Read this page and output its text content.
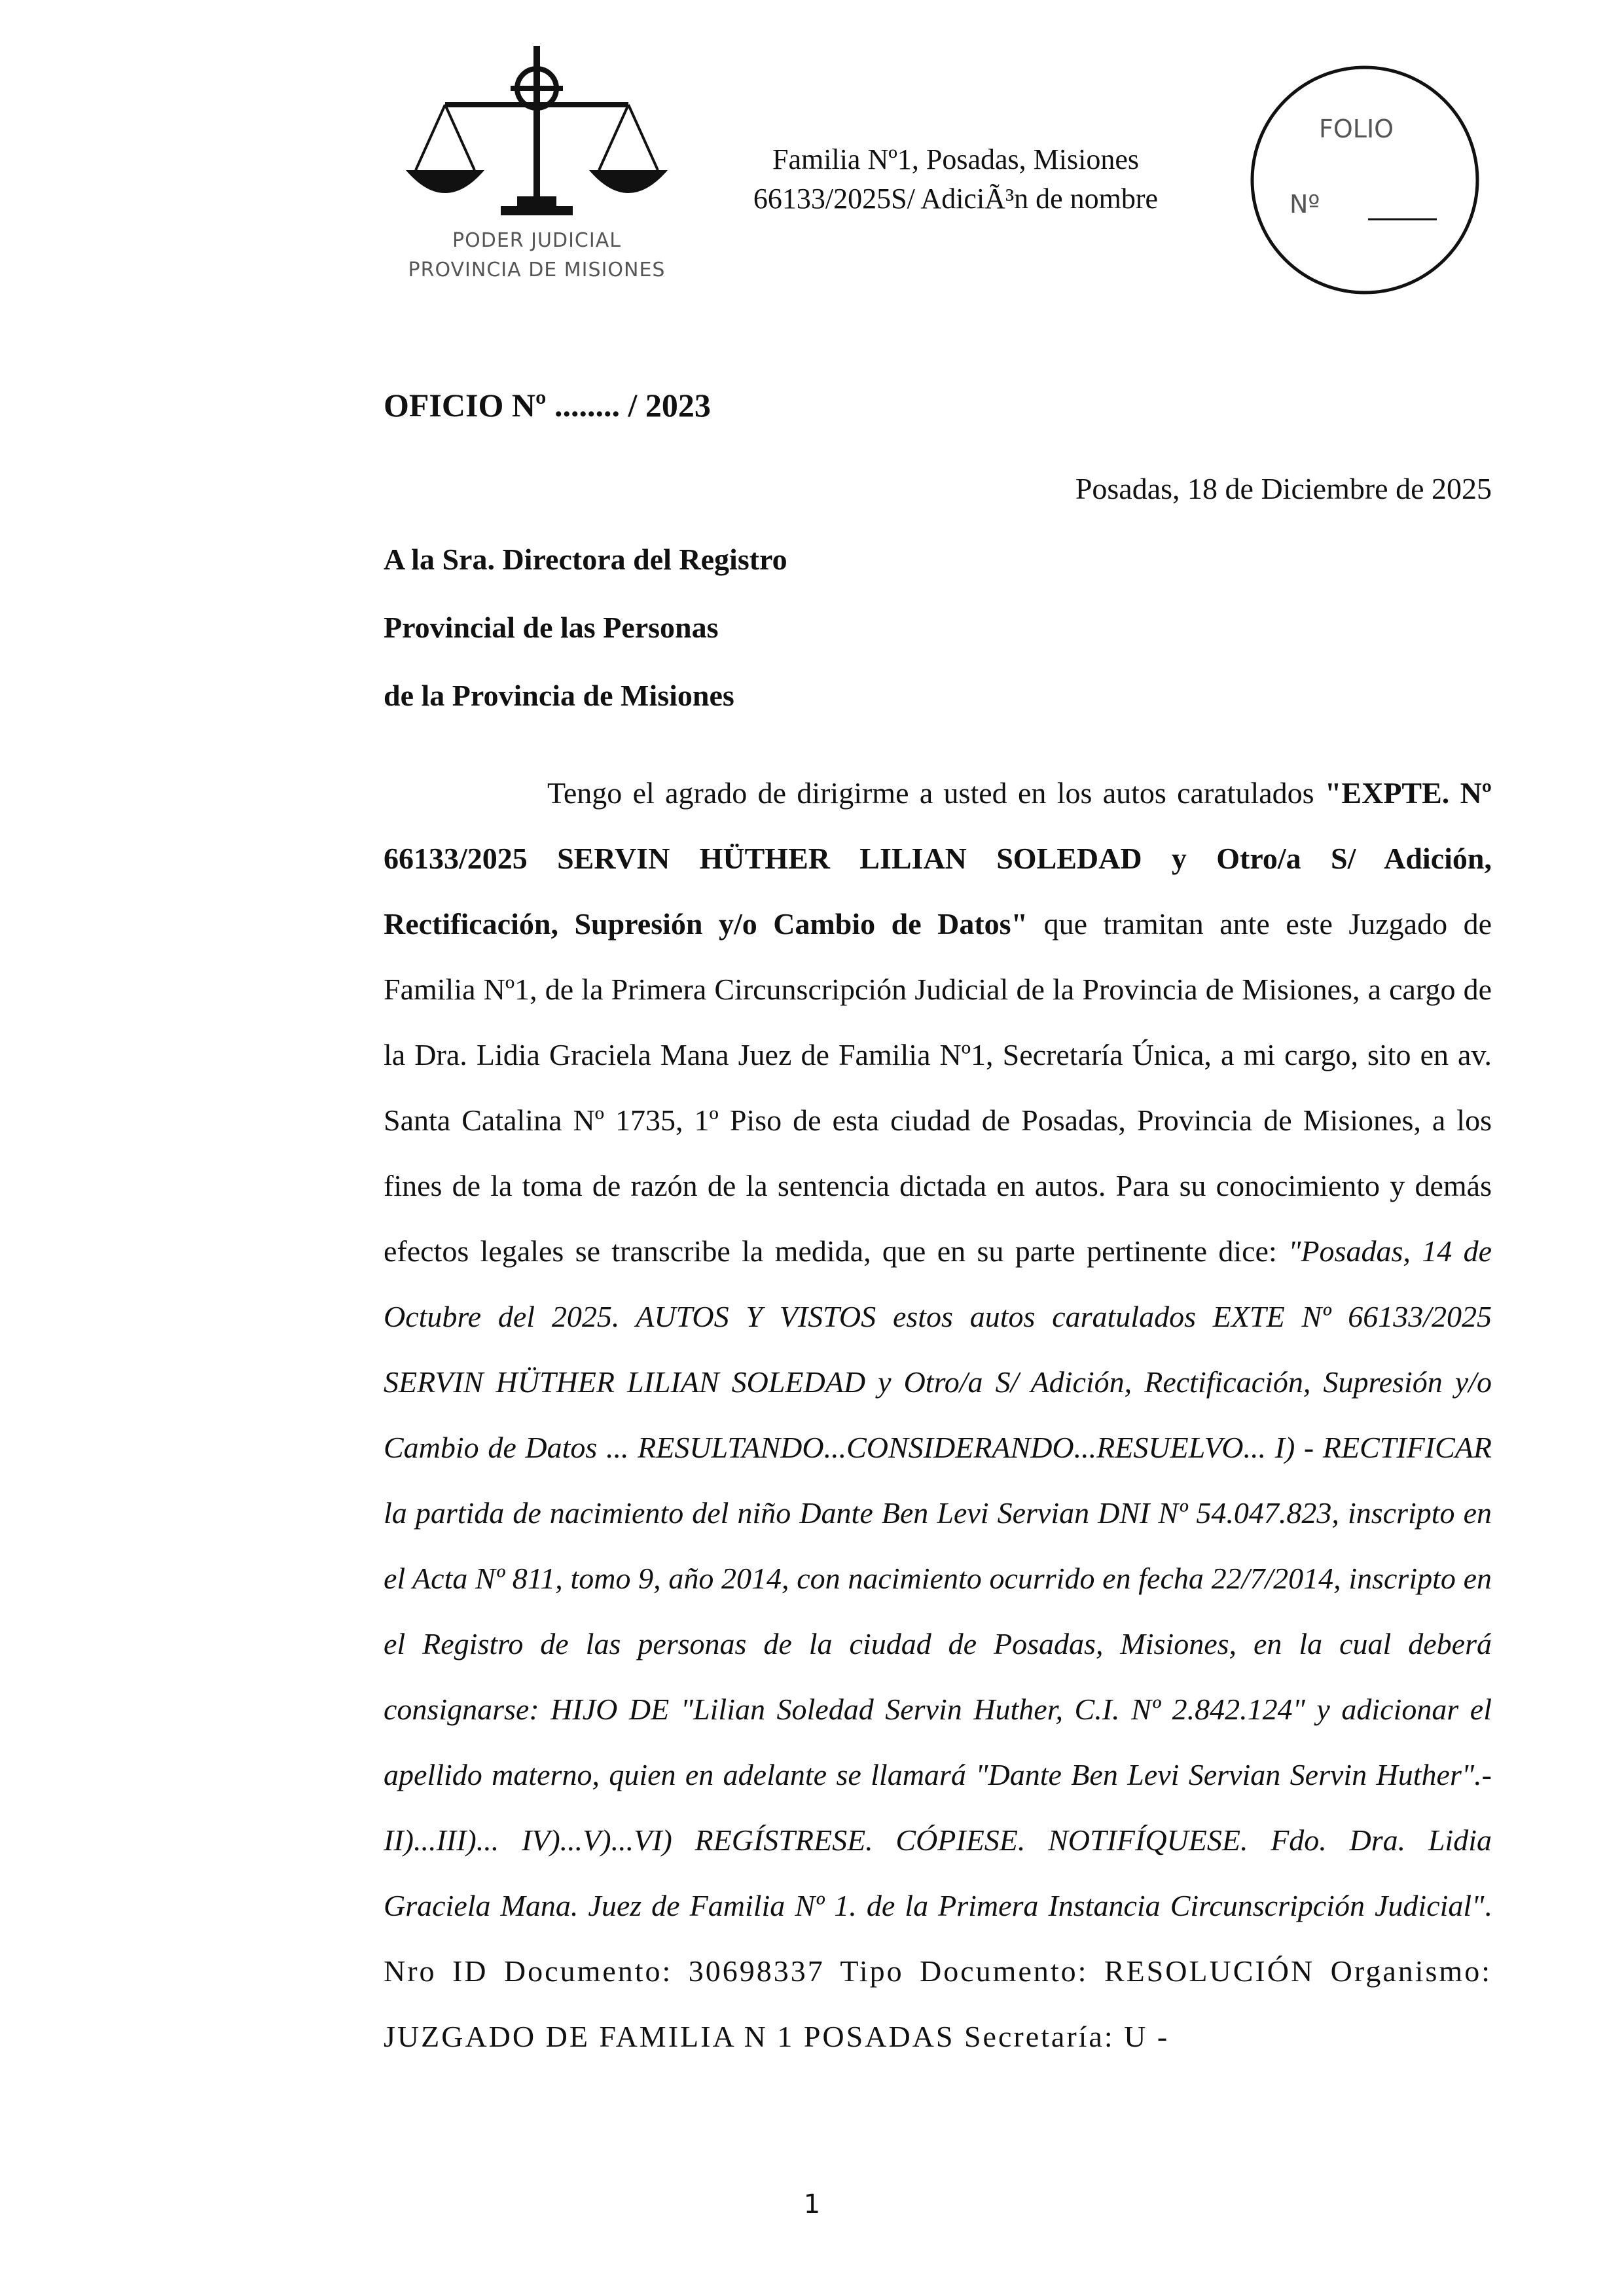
PODER JUDICIAL
PROVINCIA DE MISIONES
Familia Nº1, Posadas, Misiones
66133/2025S/ AdiciÃ³n de nombre
FOLIO
Nº
OFICIO Nº ........ / 2023
Posadas, 18 de Diciembre de 2025
A la Sra. Directora del Registro
Provincial de las Personas
de la Provincia de Misiones

Tengo el agrado de dirigirme a usted en los autos caratulados "EXPTE. Nº 66133/2025 SERVIN HÜTHER LILIAN SOLEDAD y Otro/a S/ Adición, Rectificación, Supresión y/o Cambio de Datos" que tramitan ante este Juzgado de Familia Nº1, de la Primera Circunscripción Judicial de la Provincia de Misiones, a cargo de la Dra. Lidia Graciela Mana Juez de Familia Nº1, Secretaría Única, a mi cargo, sito en av. Santa Catalina Nº 1735, 1º Piso de esta ciudad de Posadas, Provincia de Misiones, a los fines de la toma de razón de la sentencia dictada en autos. Para su conocimiento y demás efectos legales se transcribe la medida, que en su parte pertinente dice: "Posadas, 14 de Octubre del 2025. AUTOS Y VISTOS estos autos caratulados EXTE Nº 66133/2025 SERVIN HÜTHER LILIAN SOLEDAD y Otro/a S/ Adición, Rectificación, Supresión y/o Cambio de Datos ... RESULTANDO...CONSIDERANDO...RESUELVO... I) - RECTIFICAR la partida de nacimiento del niño Dante Ben Levi Servian DNI Nº 54.047.823, inscripto en el Acta Nº 811, tomo 9, año 2014, con nacimiento ocurrido en fecha 22/7/2014, inscripto en el Registro de las personas de la ciudad de Posadas, Misiones, en la cual deberá consignarse: HIJO DE "Lilian Soledad Servin Huther, C.I. Nº 2.842.124" y adicionar el apellido materno, quien en adelante se llamará "Dante Ben Levi Servian Servin Huther".-II)...III)... IV)...V)...VI) REGÍSTRESE. CÓPIESE. NOTIFÍQUESE. Fdo. Dra. Lidia Graciela Mana. Juez de Familia Nº 1. de la Primera Instancia Circunscripción Judicial". Nro ID Documento: 30698337 Tipo Documento: RESOLUCIÓN Organismo: JUZGADO DE FAMILIA N 1 POSADAS Secretaría: U -

1
